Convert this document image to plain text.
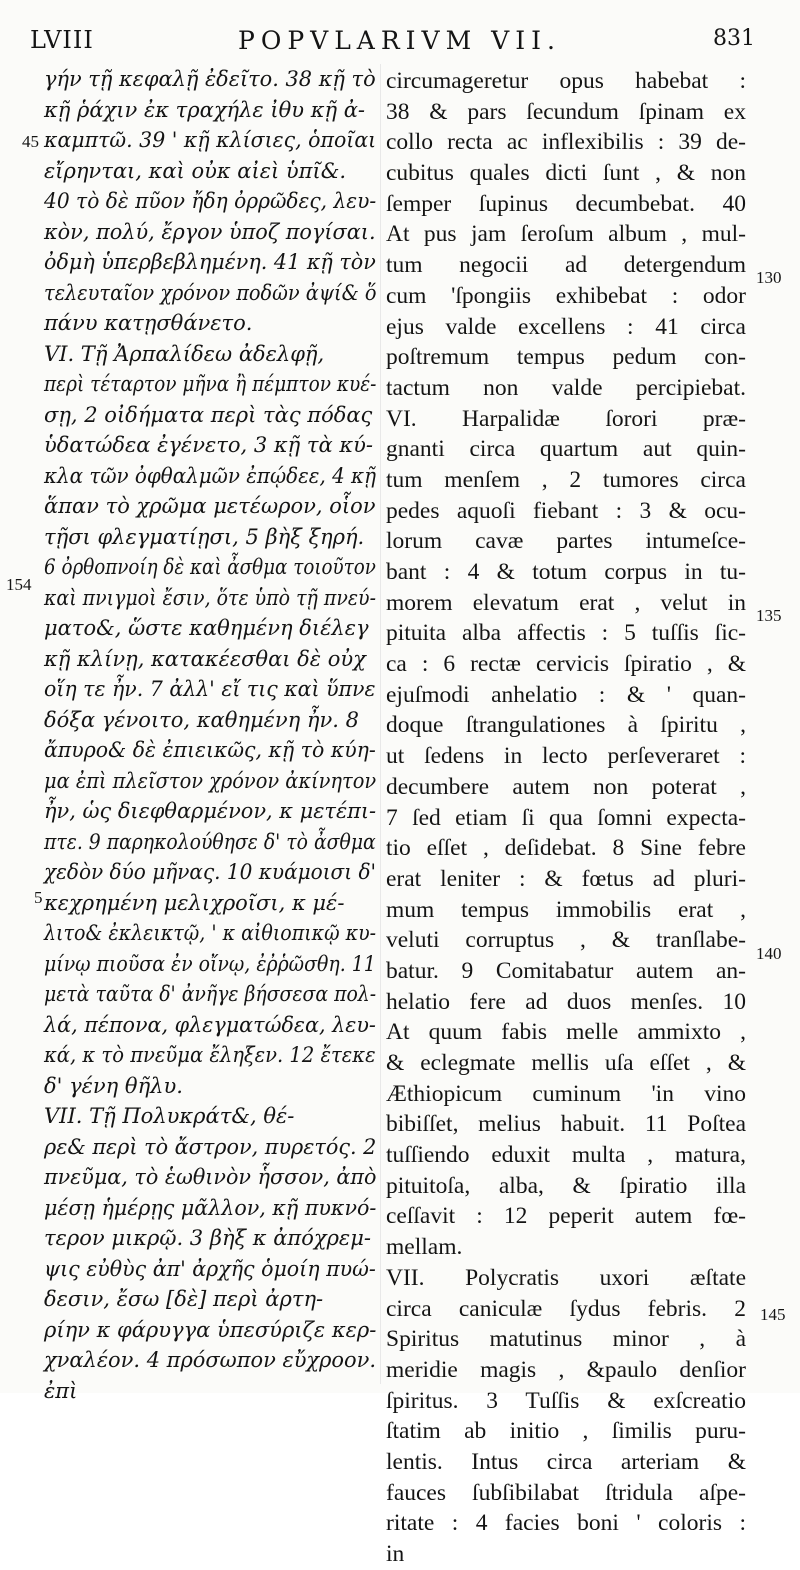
LVIII	POPVLARIVM VII.	831
γήν τῇ κεφαλῇ ἐδεῖτο. 38 κῇ τὸ
κῇ ῥάχιν ἐκ τραχήλε ἰθυ κῇ ἀ-
καμπτῶ. 39 ' κῇ κλίσιες, ὁποῖαι
εἴρηνται, καὶ οὐκ αἰεὶ ὑπῖ&.
40 τὸ δὲ πῦον ἤδη ὀρρῶδες, λευ-
κὸν, πολύ, ἔργον ὑποζ πογίσαι.
ὀδμὴ ὑπερβεβλημένη. 41 κῇ τὸν
τελευταῖον χρόνον ποδῶν ἀψί& ὅ
πάνυ κατῃσθάνετο.
VI. Τῇ Ἀρπαλίδεω ἀδελφῇ,
περὶ τέταρτον μῆνα ἢ πέμπτον κυέ-
σῃ, 2 οἰδήματα περὶ τὰς πόδας
ὑδατώδεα ἐγένετο, 3 κῇ τὰ κύ-
κλα τῶν ὀφθαλμῶν ἐπῴδεε, 4 κῇ
ἅπαν τὸ χρῶμα μετέωρον, οἷον
τῇσι φλεγματίῃσι, 5 βὴξ ξηρή.
6 ὀρθοπνοίη δὲ καὶ ἆσθμα τοιοῦτον
καὶ πνιγμοὶ ἔσιν, ὅτε ὑπὸ τῇ πνεύ-
ματο&, ὥστε καθημένη διέλεγ
κῇ κλίνῃ, κατακέεσθαι δὲ οὐχ
οἵη τε ἦν. 7 ἀλλ' εἴ τις καὶ ὕπνε
δόξα γένοιτο, καθημένη ἦν. 8
ἄπυρο& δὲ ἐπιεικῶς, κῇ τὸ κύη-
μα ἐπὶ πλεῖστον χρόνον ἀκίνητον
ἦν, ὡς διεφθαρμένον, κ μετέπι-
πτε. 9 παρηκολούθησε δ' τὸ ἆσθμα
χεδὸν δύο μῆνας. 10 κυάμοισι δ'
κεχρημένη μελιχροῖσι, κ μέ-
λιτο& ἐκλεικτῷ, ' κ αἰθιοπικῷ κυ-
μίνῳ πιοῦσα ἐν οἴνῳ, ἐῤῥῶσθη. 11
μετὰ ταῦτα δ' ἀνῆγε βήσσεσα πολ-
λά, πέπονα, φλεγματώδεα, λευ-
κά, κ τὸ πνεῦμα ἔληξεν. 12 ἔτεκε
δ' γένη θῆλυ.
VII. Τῇ Πολυκράτ&, θέ-
ρε& περὶ τὸ ἄστρον, πυρετός. 2
πνεῦμα, τὸ ἑωθινὸν ἧσσον, ἀπὸ
μέσῃ ἡμέρῃς μᾶλλον, κῇ πυκνό-
τερον μικρῷ. 3 βὴξ κ ἀπόχρεμ-
ψις εὐθὺς ἀπ' ἀρχῆς ὁμοίη πυώ-
δεσιν, ἔσω [δὲ] περὶ ἀρτη-
ρίην κ φάρυγγα ὑπεσύριζε κερ-
χναλέον. 4 πρόσωπον εὔχροον.
ἐπὶ
circumageretur opus habebat :
38 & pars ſecundum ſpinam ex
collo recta ac inflexibilis : 39 de-
cubitus quales dicti ſunt , & non
ſemper ſupinus decumbebat. 40
At pus jam ſeroſum album , mul-
tum negocii ad detergendum
cum 'ſpongiis exhibebat : odor
ejus valde excellens : 41 circa
poſtremum tempus pedum con-
tactum non valde percipiebat.
VI. Harpalidæ ſorori præ-
gnanti circa quartum aut quin-
tum menſem , 2 tumores circa
pedes aquoſi fiebant : 3 & ocu-
lorum cavæ partes intumeſce-
bant : 4 & totum corpus in tu-
morem elevatum erat , velut in
pituita alba affectis : 5 tuſſis ſic-
ca : 6 rectæ cervicis ſpiratio , &
ejuſmodi anhelatio : & ' quan-
doque ſtrangulationes à ſpiritu ,
ut ſedens in lecto perſeveraret :
decumbere autem non poterat ,
7 ſed etiam ſi qua ſomni expecta-
tio eſſet , deſidebat. 8 Sine febre
erat leniter : & fœtus ad pluri-
mum tempus immobilis erat ,
veluti corruptus , & tranſlabe-
batur. 9 Comitabatur autem an-
helatio fere ad duos menſes. 10
At quum fabis melle ammixto ,
& eclegmate mellis uſa eſſet , &
Æthiopicum cuminum 'in vino
bibiſſet, melius habuit. 11 Poſtea
tuſſiendo eduxit multa , matura,
pituitoſa, alba, & ſpiratio illa
ceſſavit : 12 peperit autem fœ-
mellam.
VII. Polycratis uxori æſtate
circa caniculæ ſydus febris. 2
Spiritus matutinus minor , à
meridie magis , &paulo denſior
ſpiritus. 3 Tuſſis & exſcreatio
ſtatim ab initio , ſimilis puru-
lentis. Intus circa arteriam &
fauces ſubſibilabat ſtridula aſpe-
ritate : 4 facies boni ' coloris :
in
45
154
5
130
135
140
145
